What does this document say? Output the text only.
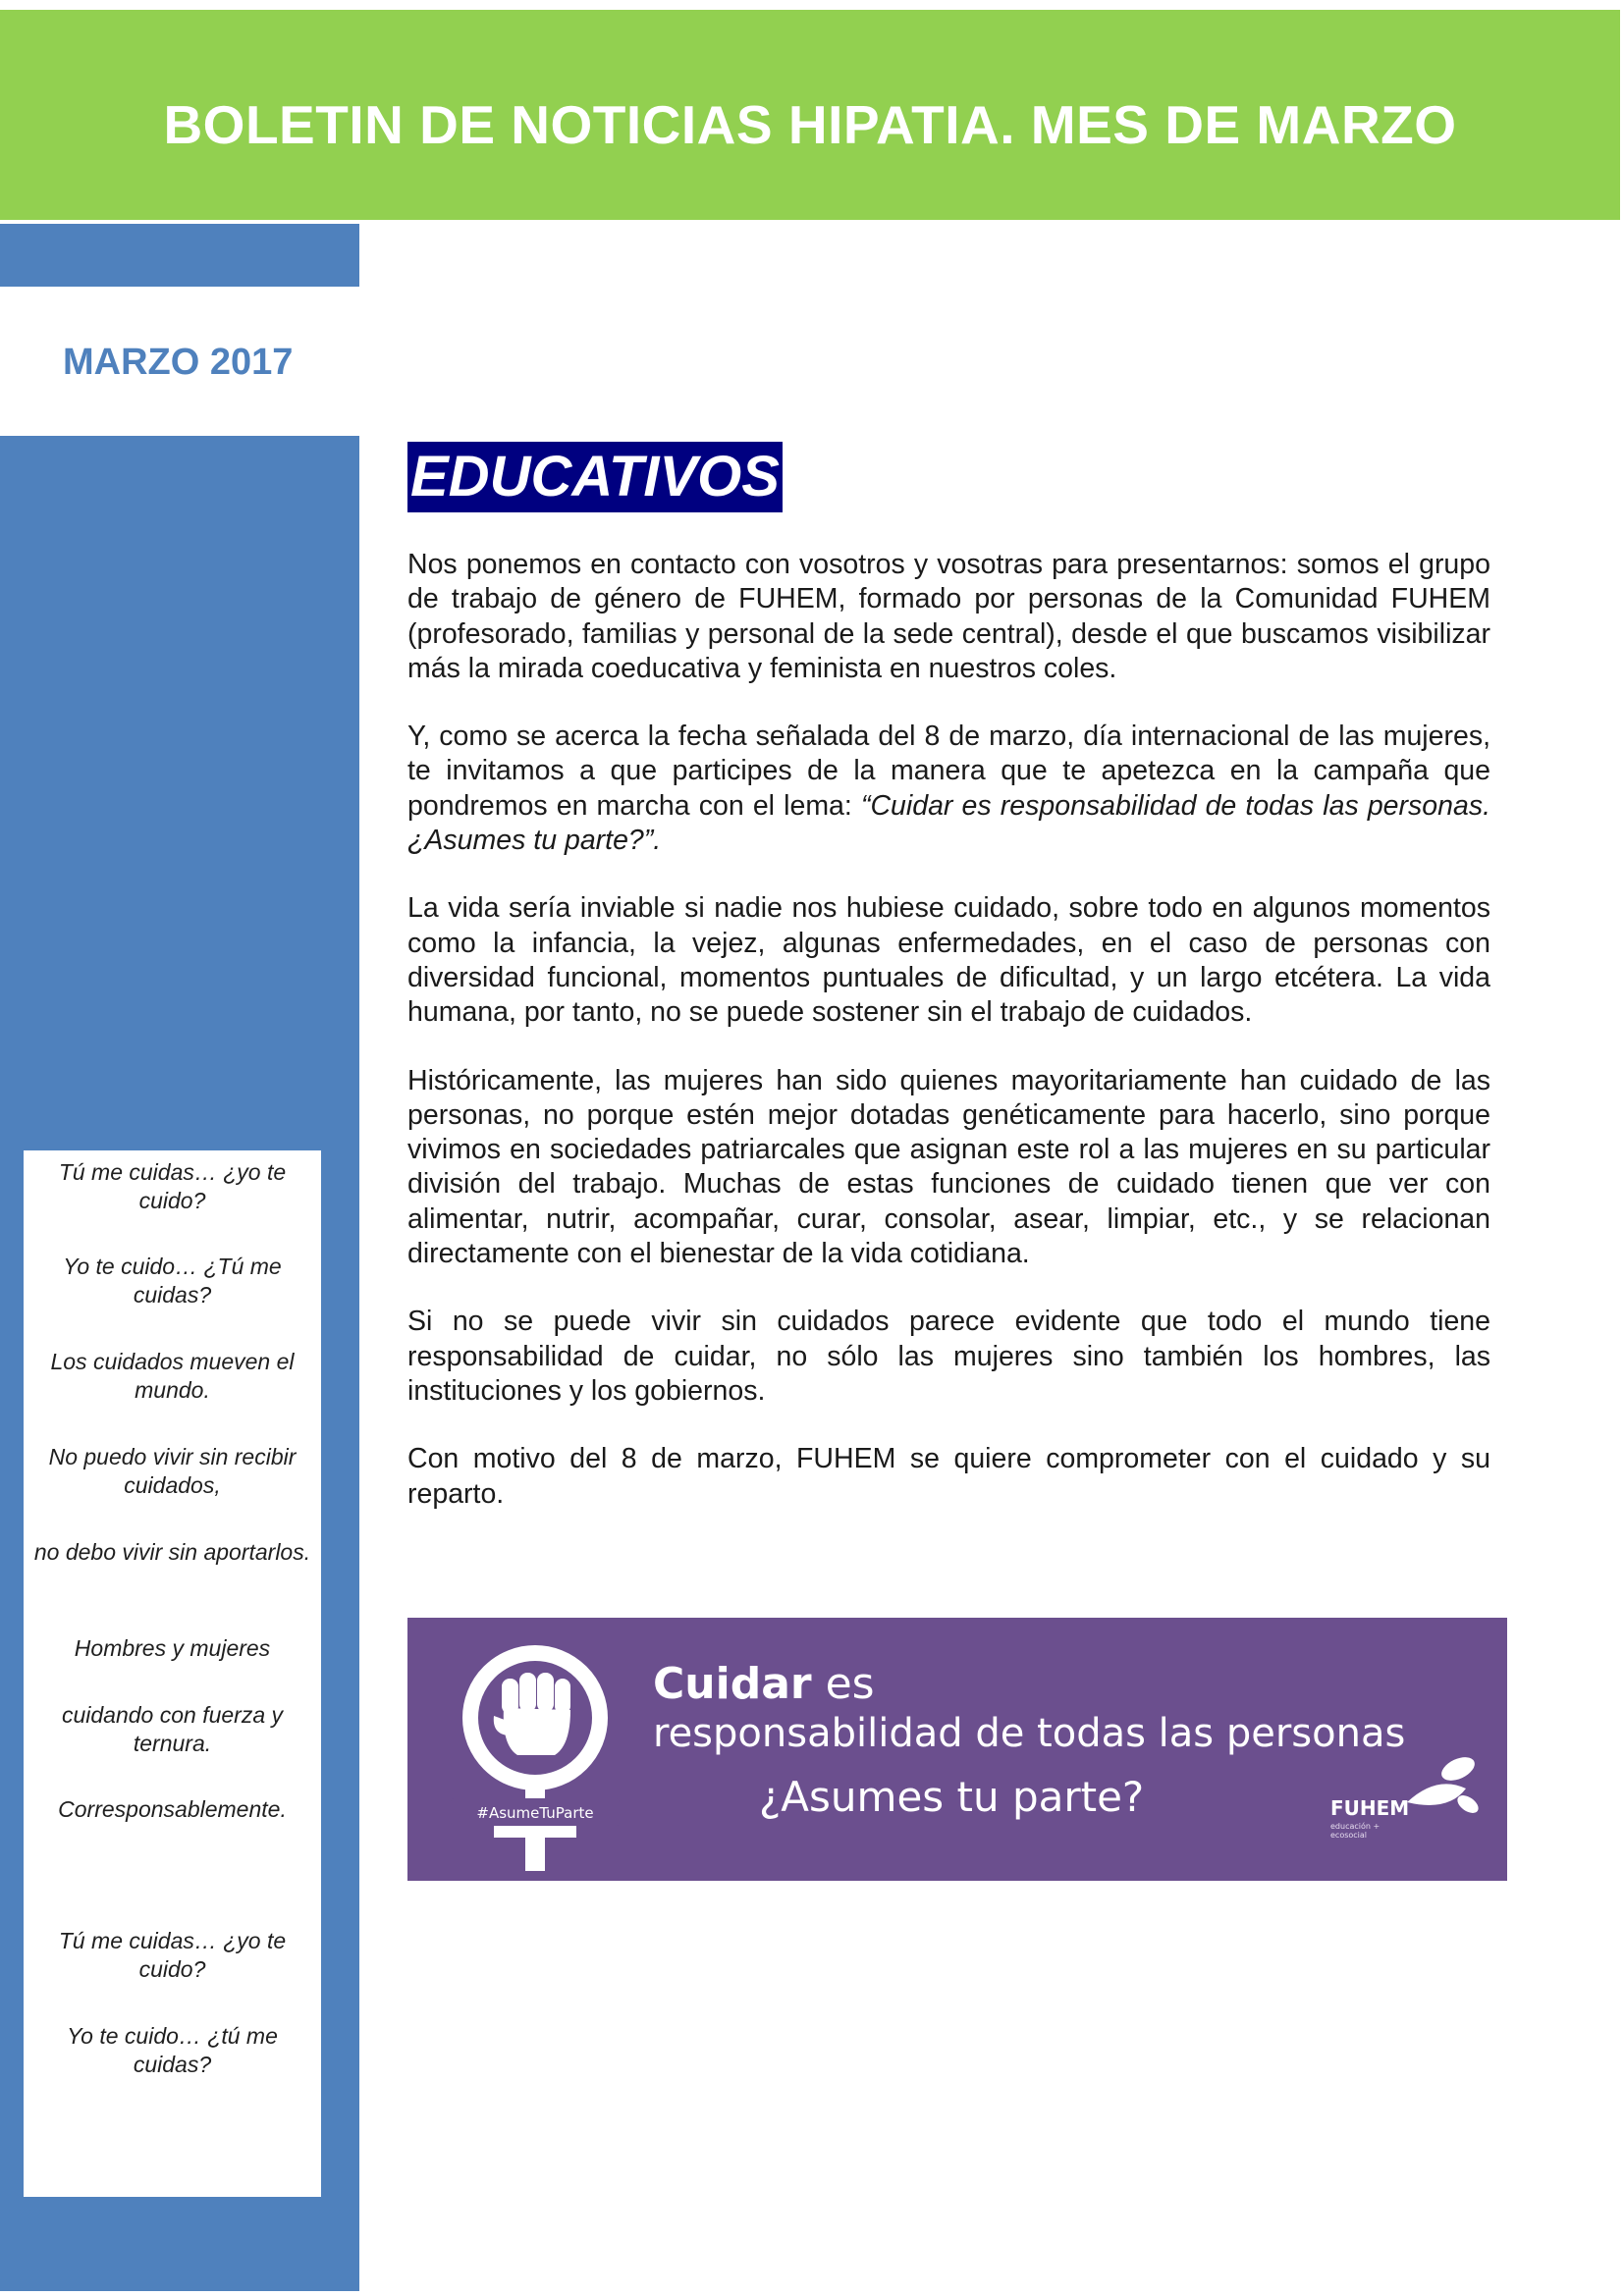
BOLETIN DE NOTICIAS HIPATIA. MES DE MARZO
MARZO 2017
Tú me cuidas… ¿yo te cuido?
Yo te cuido… ¿Tú me cuidas?
Los cuidados mueven el mundo.
No puedo vivir sin recibir cuidados,
no debo vivir sin aportarlos.
Hombres y mujeres
cuidando con fuerza y ternura.
Corresponsablemente.
Tú me cuidas… ¿yo te cuido?
Yo te cuido… ¿tú me cuidas?
EDUCATIVOS

Nos ponemos en contacto con vosotros y vosotras para presentarnos: somos el grupo de trabajo de género de FUHEM, formado por personas de la Comunidad FUHEM (profesorado, familias y personal de la sede central), desde el que buscamos visibilizar más la mirada coeducativa y feminista en nuestros coles.

Y, como se acerca la fecha señalada del 8 de marzo, día internacional de las mujeres, te invitamos a que participes de la manera que te apetezca en la campaña que pondremos en marcha con el lema: “Cuidar es responsabilidad de todas las personas. ¿Asumes tu parte?”.

La vida sería inviable si nadie nos hubiese cuidado, sobre todo en algunos momentos como la infancia, la vejez, algunas enfermedades, en el caso de personas con diversidad funcional, momentos puntuales de dificultad, y un largo etcétera. La vida humana, por tanto, no se puede sostener sin el trabajo de cuidados.

Históricamente, las mujeres han sido quienes mayoritariamente han cuidado de las personas, no porque estén mejor dotadas genéticamente para hacerlo, sino porque vivimos en sociedades patriarcales que asignan este rol a las mujeres en su particular división del trabajo. Muchas de estas funciones de cuidado tienen que ver con alimentar, nutrir, acompañar, curar, consolar, asear, limpiar, etc., y se relacionan directamente con el bienestar de la vida cotidiana.

Si no se puede vivir sin cuidados parece evidente que todo el mundo tiene responsabilidad de cuidar, no sólo las mujeres sino también los hombres, las instituciones y los gobiernos.

Con motivo del 8 de marzo, FUHEM se quiere comprometer con el cuidado y su reparto.

#AsumeTuParte
Cuidar es
responsabilidad de todas las personas
¿Asumes tu parte?	FUHEM
educación + ecosocial
